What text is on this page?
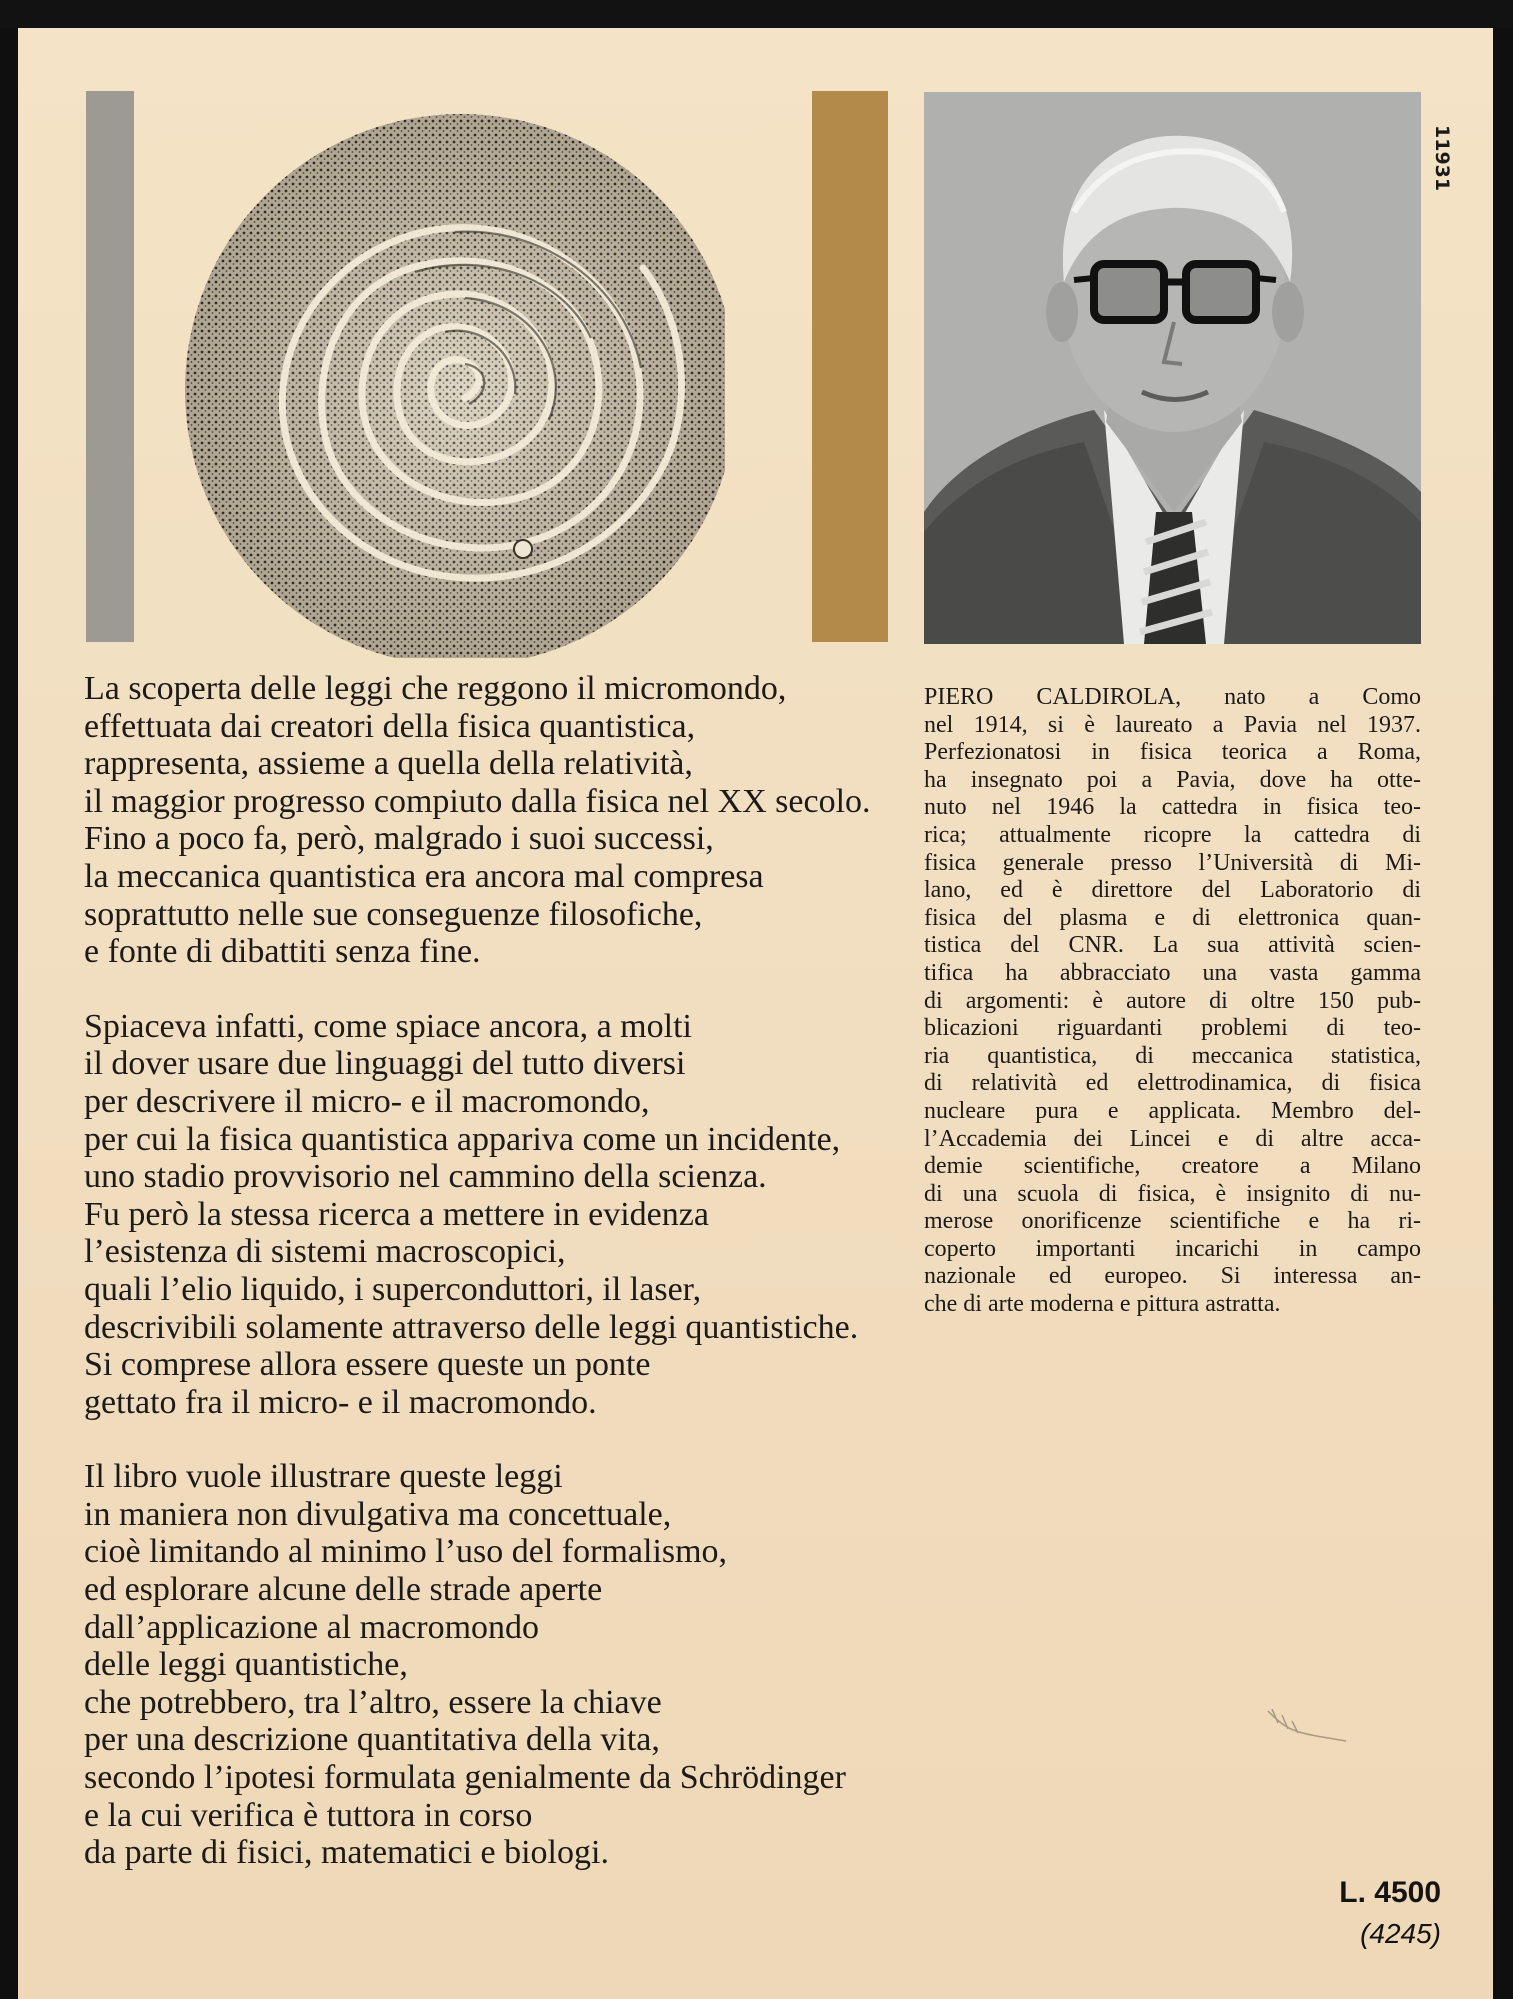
11931

La scoperta delle leggi che reggono il micromondo,
effettuata dai creatori della fisica quantistica,
rappresenta, assieme a quella della relatività,
il maggior progresso compiuto dalla fisica nel XX secolo.
Fino a poco fa, però, malgrado i suoi successi,
la meccanica quantistica era ancora mal compresa
soprattutto nelle sue conseguenze filosofiche,
e fonte di dibattiti senza fine.

Spiaceva infatti, come spiace ancora, a molti
il dover usare due linguaggi del tutto diversi
per descrivere il micro- e il macromondo,
per cui la fisica quantistica appariva come un incidente,
uno stadio provvisorio nel cammino della scienza.
Fu però la stessa ricerca a mettere in evidenza
l’esistenza di sistemi macroscopici,
quali l’elio liquido, i superconduttori, il laser,
descrivibili solamente attraverso delle leggi quantistiche.
Si comprese allora essere queste un ponte
gettato fra il micro- e il macromondo.

Il libro vuole illustrare queste leggi
in maniera non divulgativa ma concettuale,
cioè limitando al minimo l’uso del formalismo,
ed esplorare alcune delle strade aperte
dall’applicazione al macromondo
delle leggi quantistiche,
che potrebbero, tra l’altro, essere la chiave
per una descrizione quantitativa della vita,
secondo l’ipotesi formulata genialmente da Schrödinger
e la cui verifica è tuttora in corso
da parte di fisici, matematici e biologi.

PIERO CALDIROLA, nato a Como
nel 1914, si è laureato a Pavia nel 1937.
Perfezionatosi in fisica teorica a Roma,
ha insegnato poi a Pavia, dove ha otte-
nuto nel 1946 la cattedra in fisica teo-
rica; attualmente ricopre la cattedra di
fisica generale presso l’Università di Mi-
lano, ed è direttore del Laboratorio di
fisica del plasma e di elettronica quan-
tistica del CNR. La sua attività scien-
tifica ha abbracciato una vasta gamma
di argomenti: è autore di oltre 150 pub-
blicazioni riguardanti problemi di teo-
ria quantistica, di meccanica statistica,
di relatività ed elettrodinamica, di fisica
nucleare pura e applicata. Membro del-
l’Accademia dei Lincei e di altre acca-
demie scientifiche, creatore a Milano
di una scuola di fisica, è insignito di nu-
merose onorificenze scientifiche e ha ri-
coperto importanti incarichi in campo
nazionale ed europeo. Si interessa an-
che di arte moderna e pittura astratta.
L. 4500
(4245)
